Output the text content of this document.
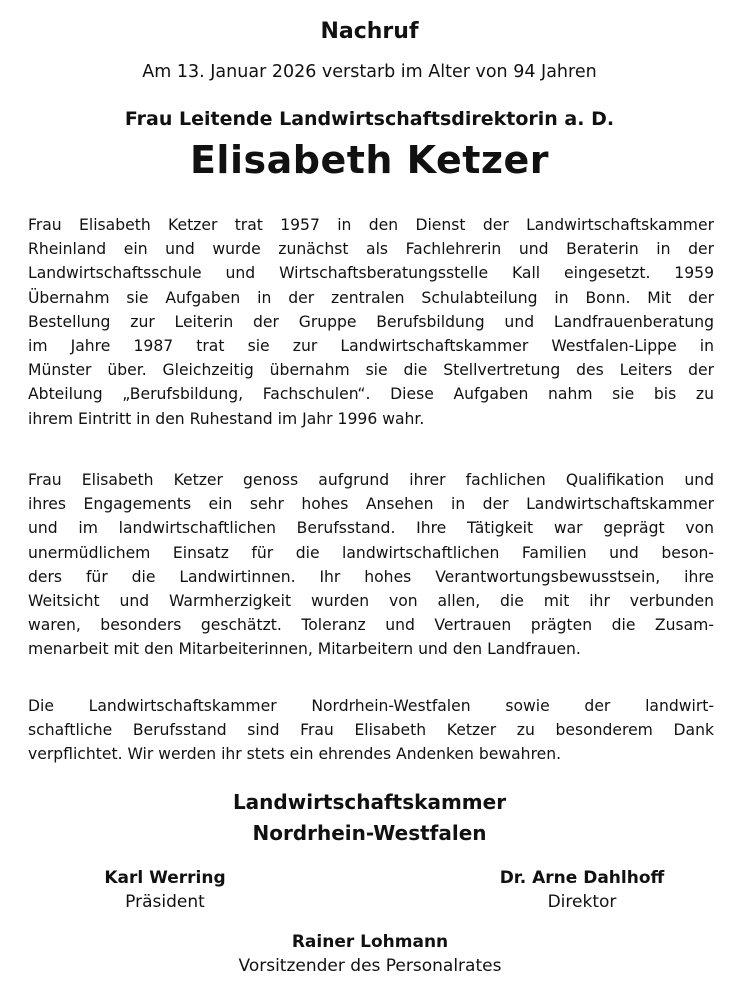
Nachruf
Am 13. Januar 2026 verstarb im Alter von 94 Jahren
Frau Leitende Landwirtschaftsdirektorin a. D.
Elisabeth Ketzer
Frau Elisabeth Ketzer trat 1957 in den Dienst der Landwirtschaftskammer
Rheinland ein und wurde zunächst als Fachlehrerin und Beraterin in der
Landwirtschaftsschule und Wirtschaftsberatungsstelle Kall eingesetzt. 1959
Übernahm sie Aufgaben in der zentralen Schulabteilung in Bonn. Mit der
Bestellung zur Leiterin der Gruppe Berufsbildung und Landfrauenberatung
im Jahre 1987 trat sie zur Landwirtschaftskammer Westfalen-Lippe in
Münster über. Gleichzeitig übernahm sie die Stellvertretung des Leiters der
Abteilung „Berufsbildung, Fachschulen“. Diese Aufgaben nahm sie bis zu
ihrem Eintritt in den Ruhestand im Jahr 1996 wahr.
Frau Elisabeth Ketzer genoss aufgrund ihrer fachlichen Qualifikation und
ihres Engagements ein sehr hohes Ansehen in der Landwirtschaftskammer
und im landwirtschaftlichen Berufsstand. Ihre Tätigkeit war geprägt von
unermüdlichem Einsatz für die landwirtschaftlichen Familien und beson-
ders für die Landwirtinnen. Ihr hohes Verantwortungsbewusstsein, ihre
Weitsicht und Warmherzigkeit wurden von allen, die mit ihr verbunden
waren, besonders geschätzt. Toleranz und Vertrauen prägten die Zusam-
menarbeit mit den Mitarbeiterinnen, Mitarbeitern und den Landfrauen.
Die Landwirtschaftskammer Nordrhein-Westfalen sowie der landwirt-
schaftliche Berufsstand sind Frau Elisabeth Ketzer zu besonderem Dank
verpflichtet. Wir werden ihr stets ein ehrendes Andenken bewahren.
Landwirtschaftskammer
Nordrhein-Westfalen
Karl Werring
Präsident
Dr. Arne Dahlhoff
Direktor
Rainer Lohmann
Vorsitzender des Personalrates
